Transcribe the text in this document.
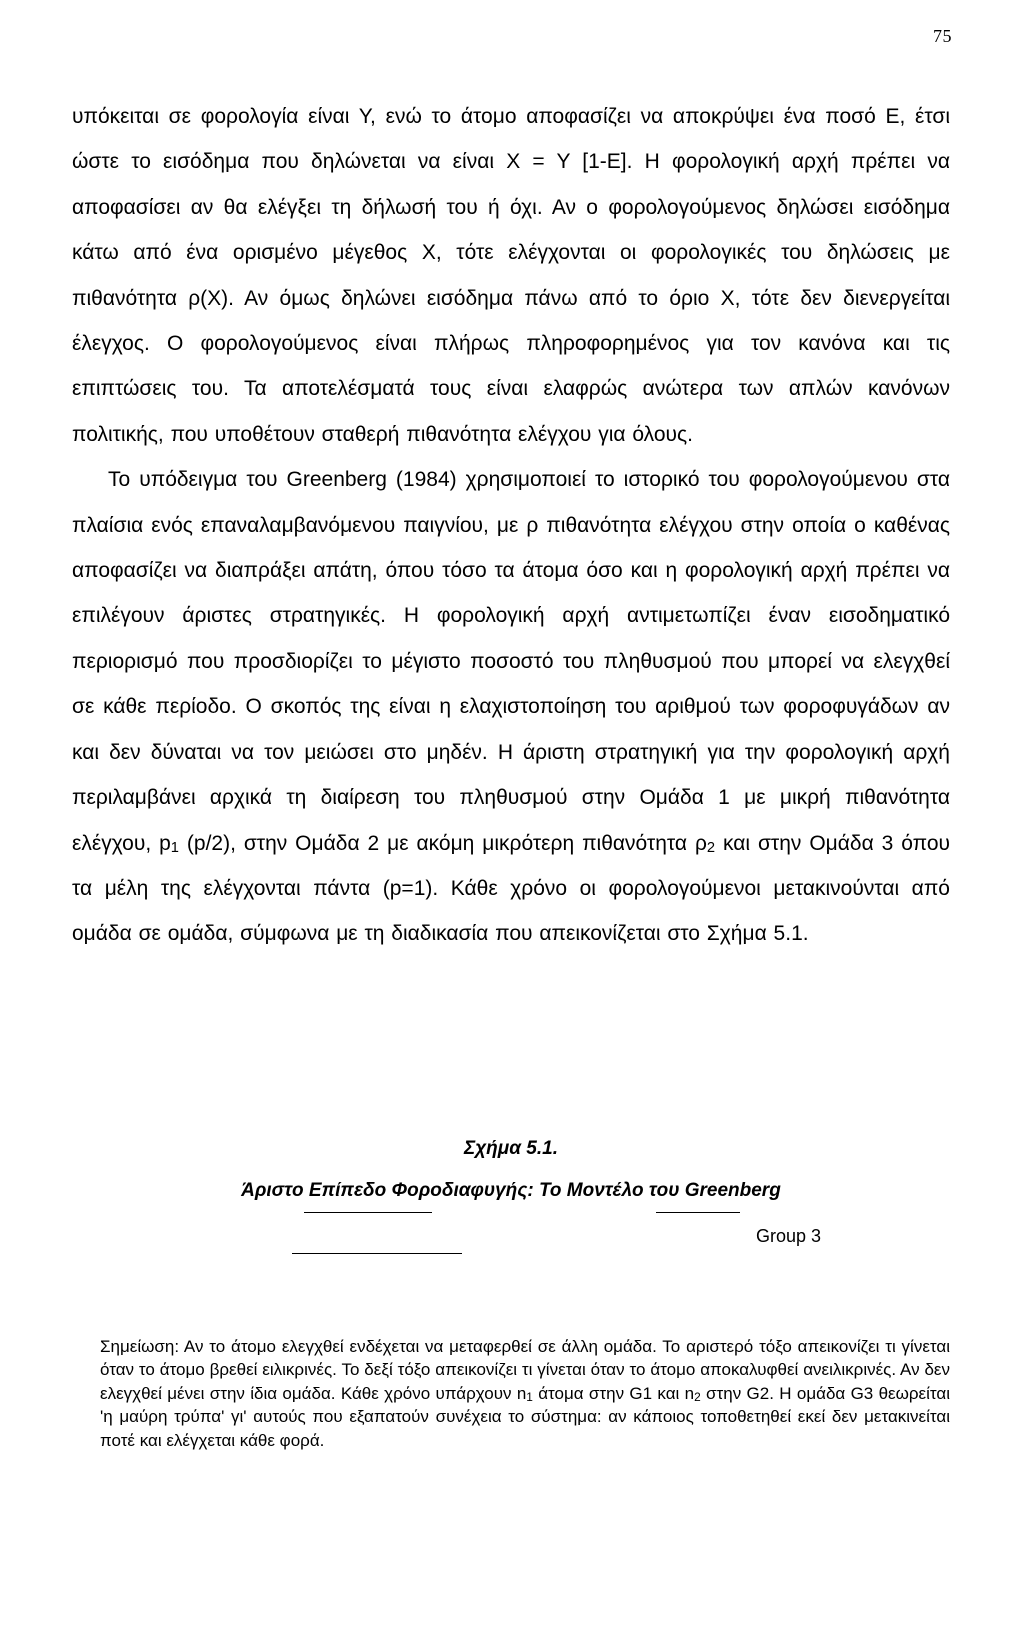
75

υπόκειται σε φορολογία είναι Υ, ενώ το άτομο αποφασίζει να αποκρύψει ένα ποσό Ε, έτσι ώστε το εισόδημα που δηλώνεται να είναι X = Y [1-E]. Η φορολογική αρχή πρέπει να αποφασίσει αν θα ελέγξει τη δήλωσή του ή όχι. Αν ο φορολογούμενος δηλώσει εισόδημα κάτω από ένα ορισμένο μέγεθος X, τότε ελέγχονται οι φορολογικές του δηλώσεις με πιθανότητα ρ(Χ). Αν όμως δηλώνει εισόδημα πάνω από το όριο X, τότε δεν διενεργείται έλεγχος. Ο φορολογούμενος είναι πλήρως πληροφορημένος για τον κανόνα και τις επιπτώσεις του. Τα αποτελέσματά τους είναι ελαφρώς ανώτερα των απλών κανόνων πολιτικής, που υποθέτουν σταθερή πιθανότητα ελέγχου για όλους.

Το υπόδειγμα του Greenberg (1984) χρησιμοποιεί το ιστορικό του φορολογούμενου στα πλαίσια ενός επαναλαμβανόμενου παιγνίου, με ρ πιθανότητα ελέγχου στην οποία ο καθένας αποφασίζει να διαπράξει απάτη, όπου τόσο τα άτομα όσο και η φορολογική αρχή πρέπει να επιλέγουν άριστες στρατηγικές. Η φορολογική αρχή αντιμετωπίζει έναν εισοδηματικό περιορισμό που προσδιορίζει το μέγιστο ποσοστό του πληθυσμού που μπορεί να ελεγχθεί σε κάθε περίοδο. Ο σκοπός της είναι η ελαχιστοποίηση του αριθμού των φοροφυγάδων αν και δεν δύναται να τον μειώσει στο μηδέν. Η άριστη στρατηγική για την φορολογική αρχή περιλαμβάνει αρχικά τη διαίρεση του πληθυσμού στην Ομάδα 1 με μικρή πιθανότητα ελέγχου, $p_1$ (p/2), στην Ομάδα 2 με ακόμη μικρότερη πιθανότητα $\rho_2$ και στην Ομάδα 3 όπου τα μέλη της ελέγχονται πάντα (p=1). Κάθε χρόνο οι φορολογούμενοι μετακινούνται από ομάδα σε ομάδα, σύμφωνα με τη διαδικασία που απεικονίζεται στο Σχήμα 5.1.

Σχήμα 5.1.
Άριστο Επίπεδο Φοροδιαφυγής: Το Μοντέλο του Greenberg
Group 3
Σημείωση: Αν το άτομο ελεγχθεί ενδέχεται να μεταφερθεί σε άλλη ομάδα. Το αριστερό τόξο απεικονίζει τι γίνεται όταν το άτομο βρεθεί ειλικρινές. Το δεξί τόξο απεικονίζει τι γίνεται όταν το άτομο αποκαλυφθεί ανειλικρινές. Αν δεν ελεγχθεί μένει στην ίδια ομάδα. Κάθε χρόνο υπάρχουν $n_1$ άτομα στην G1 και $n_2$ στην G2. Η ομάδα G3 θεωρείται 'η μαύρη τρύπα' γι' αυτούς που εξαπατούν συνέχεια το σύστημα: αν κάποιος τοποθετηθεί εκεί δεν μετακινείται ποτέ και ελέγχεται κάθε φορά.
